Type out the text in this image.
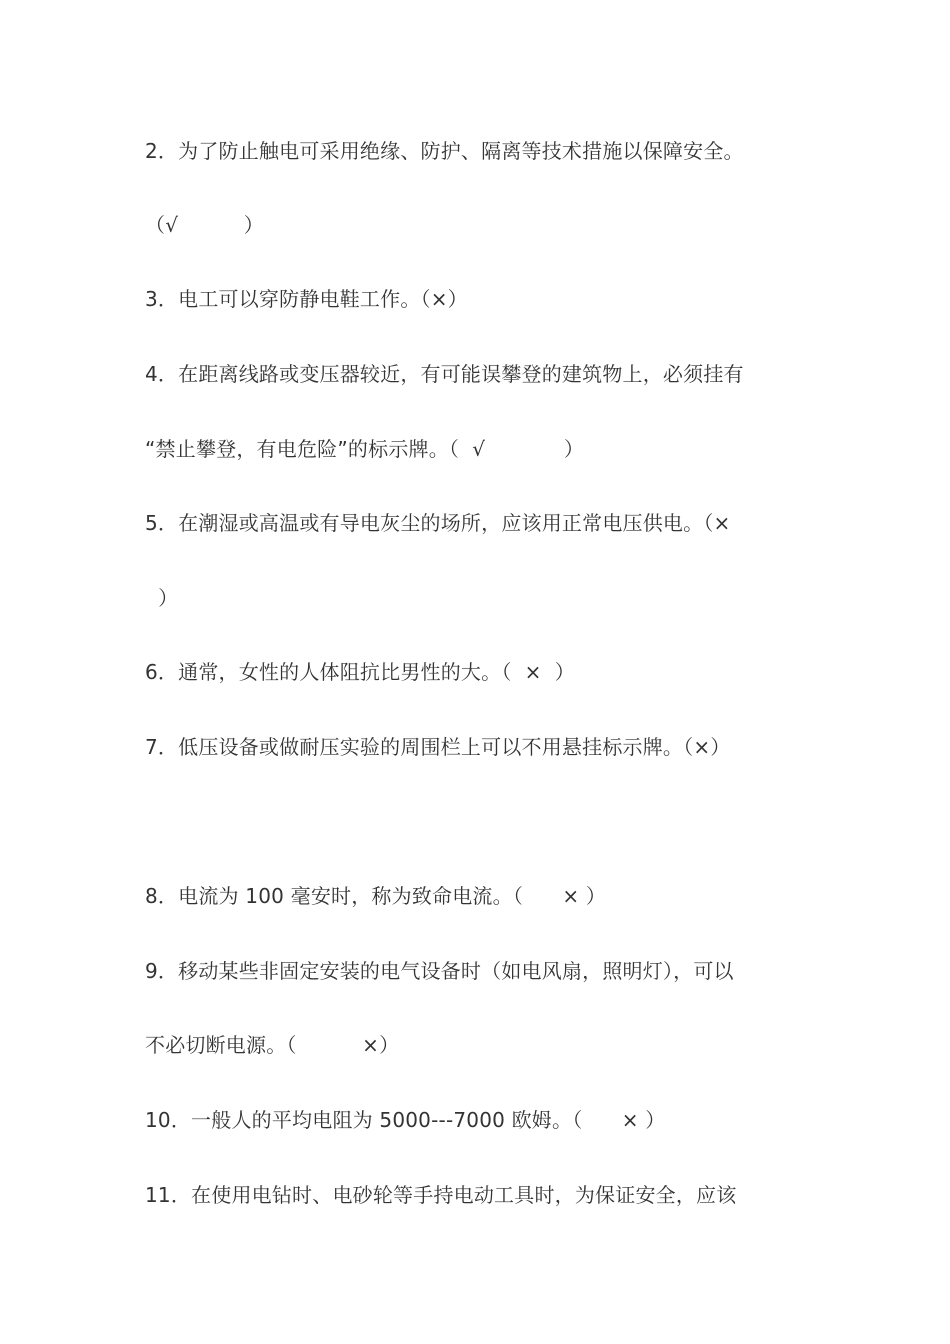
2．为了防止触电可采用绝缘、防护、隔离等技术措施以保障安全。
（√          ）
3．电工可以穿防静电鞋工作。（×）
4．在距离线路或变压器较近，有可能误攀登的建筑物上，必须挂有
“禁止攀登，有电危险”的标示牌。（  √            ）
5．在潮湿或高温或有导电灰尘的场所，应该用正常电压供电。（×
）
6．通常，女性的人体阻抗比男性的大。（  ×  ）
7．低压设备或做耐压实验的周围栏上可以不用悬挂标示牌。（×）
8．电流为 100 毫安时，称为致命电流。（      × ）
9．移动某些非固定安装的电气设备时（如电风扇，照明灯），可以
不必切断电源。（          ×）
10．一般人的平均电阻为 5000---7000 欧姆。（      × ）
11．在使用电钻时、电砂轮等手持电动工具时，为保证安全，应该
